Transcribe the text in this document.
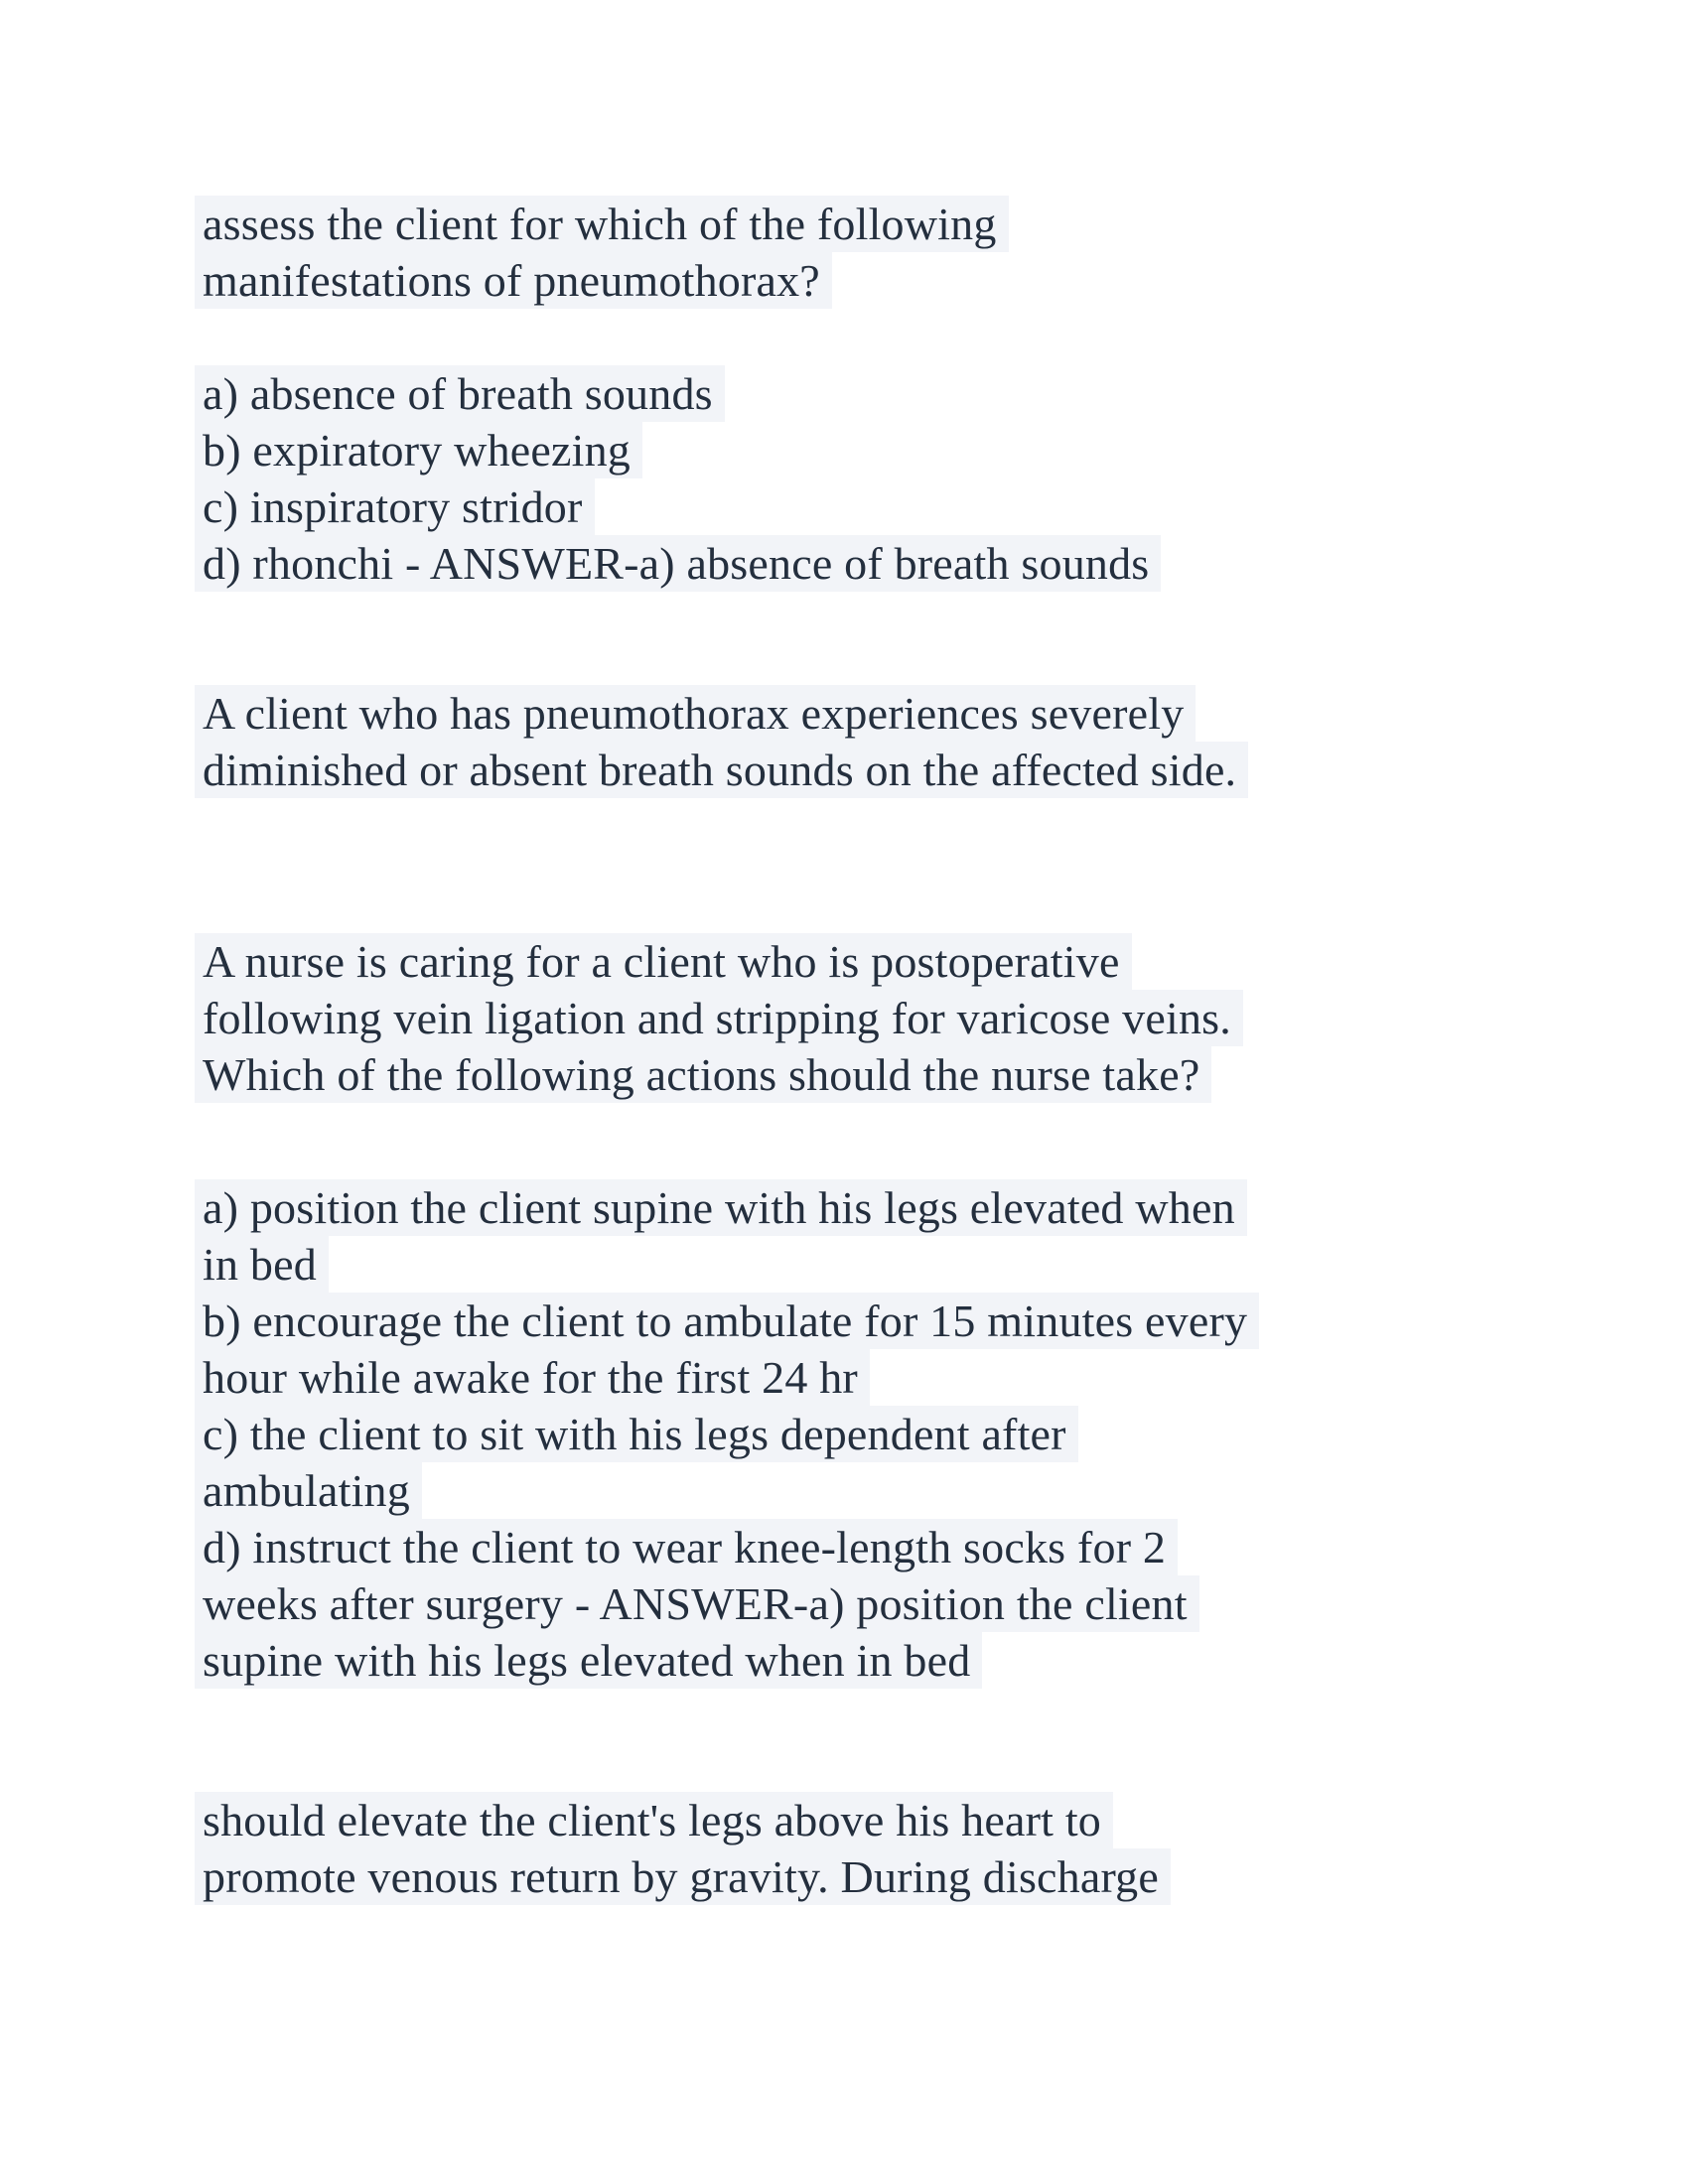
assess the client for which of the following
manifestations of pneumothorax?
a) absence of breath sounds
b) expiratory wheezing
c) inspiratory stridor
d) rhonchi - ANSWER-a) absence of breath sounds
A client who has pneumothorax experiences severely
diminished or absent breath sounds on the affected side.
A nurse is caring for a client who is postoperative
following vein ligation and stripping for varicose veins.
Which of the following actions should the nurse take?
a) position the client supine with his legs elevated when
in bed
b) encourage the client to ambulate for 15 minutes every
hour while awake for the first 24 hr
c) the client to sit with his legs dependent after
ambulating
d) instruct the client to wear knee-length socks for 2
weeks after surgery - ANSWER-a) position the client
supine with his legs elevated when in bed
should elevate the client's legs above his heart to
promote venous return by gravity. During discharge
